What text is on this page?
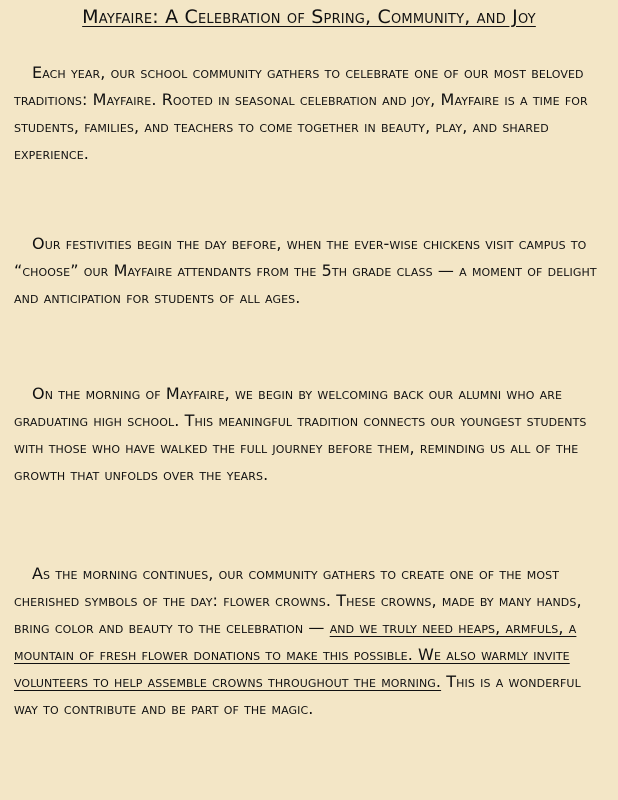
Mayfaire: A Celebration of Spring, Community, and Joy

Each year, our school community gathers to celebrate one of our most beloved traditions: Mayfaire. Rooted in seasonal celebration and joy, Mayfaire is a time for students, families, and teachers to come together in beauty, play, and shared experience.

Our festivities begin the day before, when the ever-wise chickens visit campus to “choose” our Mayfaire attendants from the 5th grade class — a moment of delight and anticipation for students of all ages.

On the morning of Mayfaire, we begin by welcoming back our alumni who are graduating high school. This meaningful tradition connects our youngest students with those who have walked the full journey before them, reminding us all of the growth that unfolds over the years.

As the morning continues, our community gathers to create one of the most cherished symbols of the day: flower crowns. These crowns, made by many hands, bring color and beauty to the celebration — and we truly need heaps, armfuls, a mountain of fresh flower donations to make this possible. We also warmly invite volunteers to help assemble crowns throughout the morning. This is a wonderful way to contribute and be part of the magic.
